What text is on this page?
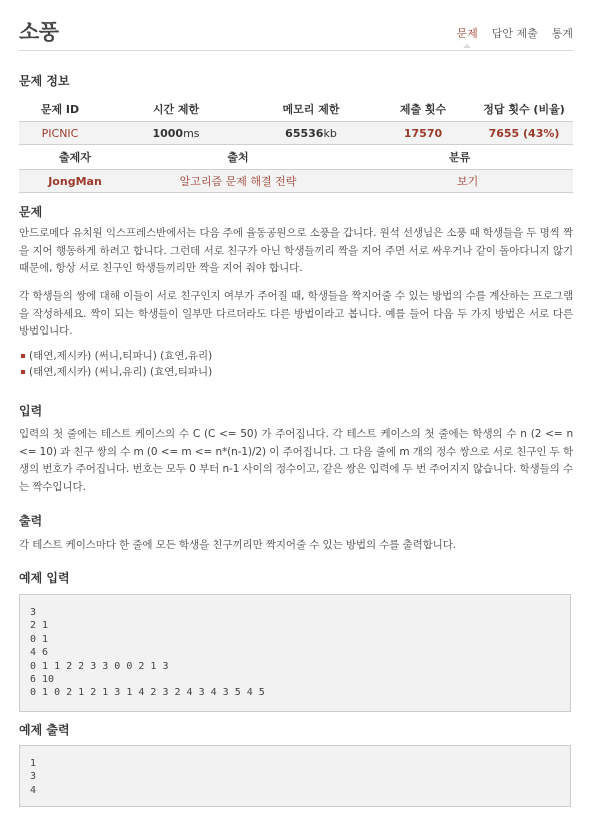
소풍	문제 답안 제출 통계
문제 정보
문제 ID	시간 제한	메모리 제한	제출 횟수	정답 횟수 (비율)
PICNIC	1000ms	65536kb	17570	7655 (43%)
출제자	출처	분류
JongMan	알고리즘 문제 해결 전략	보기
문제
안드로메다 유치원 익스프레스반에서는 다음 주에 율동공원으로 소풍을 갑니다. 원석 선생님은 소풍 때 학생들을 두 명씩 짝을 지어 행동하게 하려고 합니다. 그런데 서로 친구가 아닌 학생들끼리 짝을 지어 주면 서로 싸우거나 같이 돌아다니지 않기 때문에, 항상 서로 친구인 학생들끼리만 짝을 지어 줘야 합니다.
각 학생들의 쌍에 대해 이들이 서로 친구인지 여부가 주어질 때, 학생들을 짝지어줄 수 있는 방법의 수를 계산하는 프로그램을 작성하세요. 짝이 되는 학생들이 일부만 다르더라도 다른 방법이라고 봅니다. 예를 들어 다음 두 가지 방법은 서로 다른 방법입니다.
(태연,제시카) (써니,티파니) (효연,유리)
(태연,제시카) (써니,유리) (효연,티파니)
입력
입력의 첫 줄에는 테스트 케이스의 수 C (C <= 50) 가 주어집니다. 각 테스트 케이스의 첫 줄에는 학생의 수 n (2 <= n <= 10) 과 친구 쌍의 수 m (0 <= m <= n*(n-1)/2) 이 주어집니다. 그 다음 줄에 m 개의 정수 쌍으로 서로 친구인 두 학생의 번호가 주어집니다. 번호는 모두 0 부터 n-1 사이의 정수이고, 같은 쌍은 입력에 두 번 주어지지 않습니다. 학생들의 수는 짝수입니다.
출력
각 테스트 케이스마다 한 줄에 모든 학생을 친구끼리만 짝지어줄 수 있는 방법의 수를 출력합니다.
예제 입력
3
2 1
0 1
4 6
0 1 1 2 2 3 3 0 0 2 1 3
6 10
0 1 0 2 1 2 1 3 1 4 2 3 2 4 3 4 3 5 4 5
예제 출력
1
3
4
